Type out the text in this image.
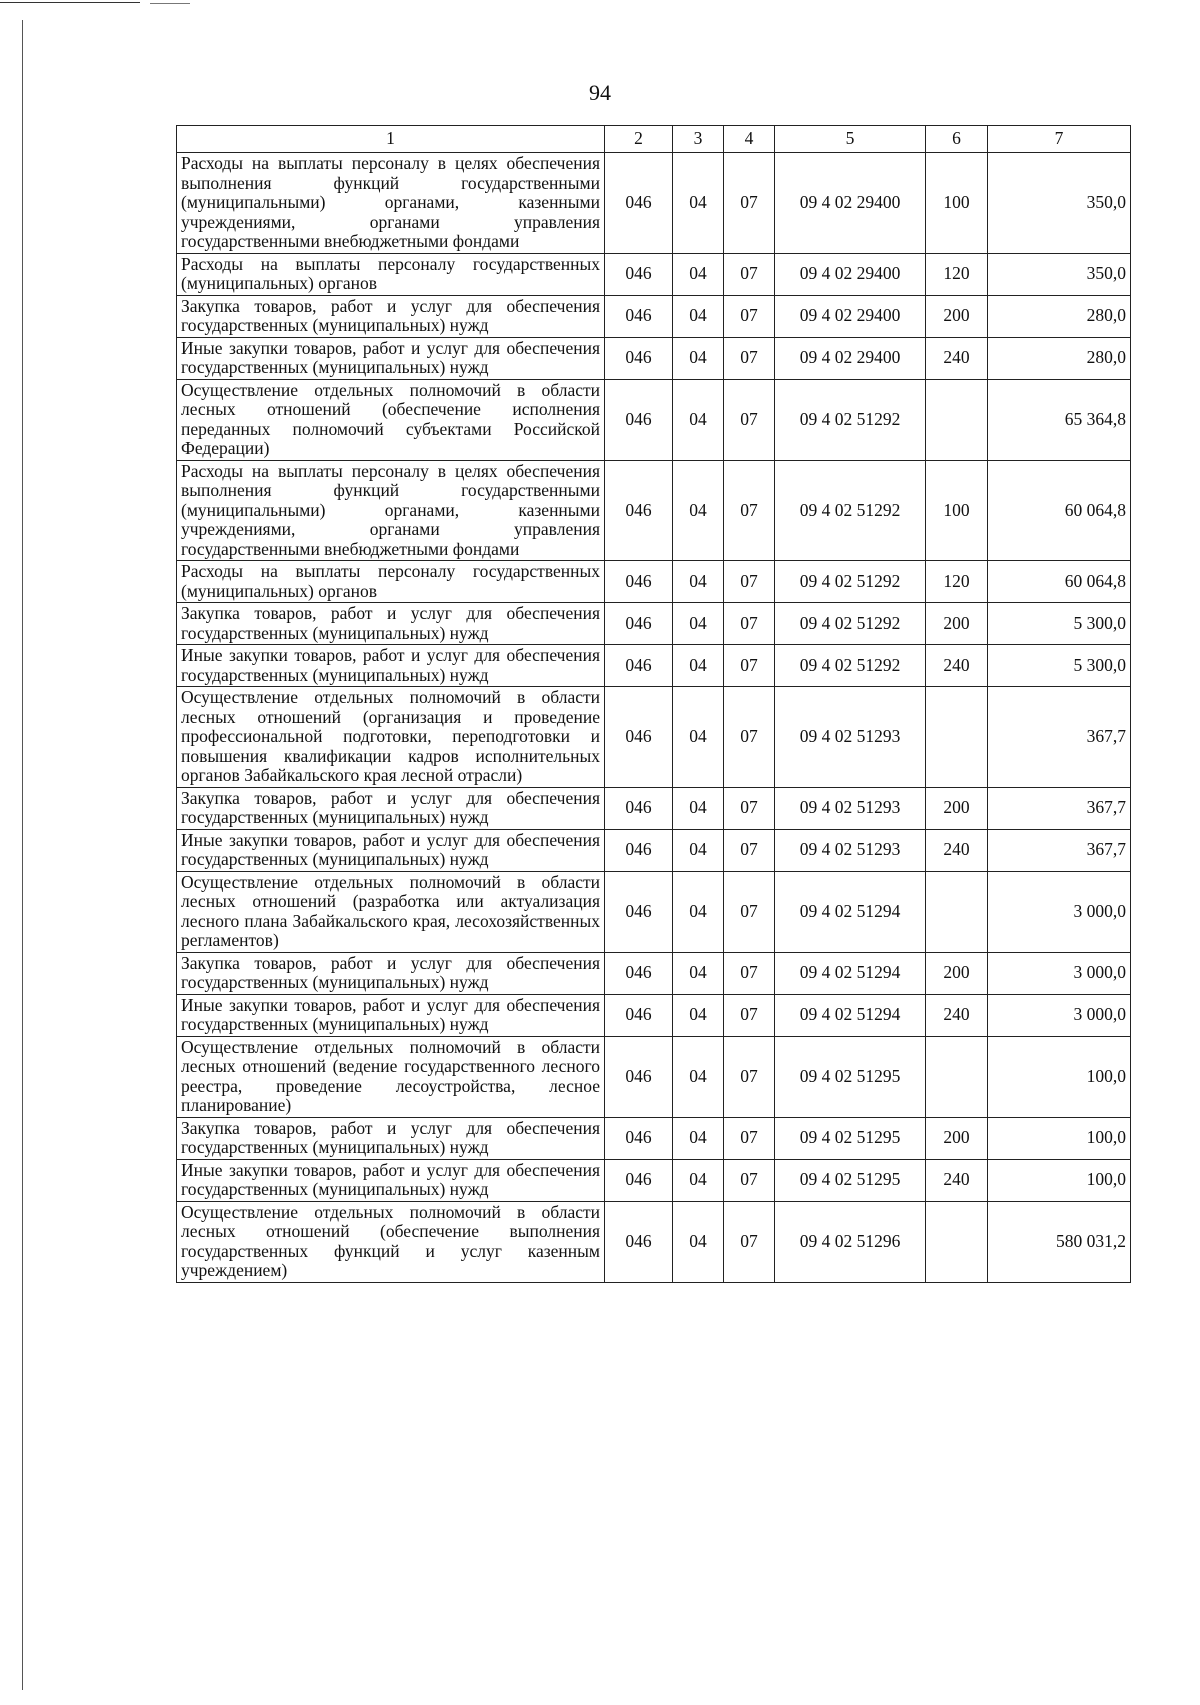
94
1	2	3	4	5	6	7
Расходы на выплаты персоналу в целях обеспечения выполнения функций государственными (муниципальными) органами, казенными учреждениями, органами управления государственными внебюджетными фондами	046	04	07	09 4 02 29400	100	350,0
Расходы на выплаты персоналу государственных (муниципальных) органов	046	04	07	09 4 02 29400	120	350,0
Закупка товаров, работ и услуг для обеспечения государственных (муниципальных) нужд	046	04	07	09 4 02 29400	200	280,0
Иные закупки товаров, работ и услуг для обеспечения государственных (муниципальных) нужд	046	04	07	09 4 02 29400	240	280,0
Осуществление отдельных полномочий в области лесных отношений (обеспечение исполнения переданных полномочий субъектами Российской Федерации)	046	04	07	09 4 02 51292		65 364,8
Расходы на выплаты персоналу в целях обеспечения выполнения функций государственными (муниципальными) органами, казенными учреждениями, органами управления государственными внебюджетными фондами	046	04	07	09 4 02 51292	100	60 064,8
Расходы на выплаты персоналу государственных (муниципальных) органов	046	04	07	09 4 02 51292	120	60 064,8
Закупка товаров, работ и услуг для обеспечения государственных (муниципальных) нужд	046	04	07	09 4 02 51292	200	5 300,0
Иные закупки товаров, работ и услуг для обеспечения государственных (муниципальных) нужд	046	04	07	09 4 02 51292	240	5 300,0
Осуществление отдельных полномочий в области лесных отношений (организация и проведение профессиональной подготовки, переподготовки и повышения квалификации кадров исполнительных органов Забайкальского края лесной отрасли)	046	04	07	09 4 02 51293		367,7
Закупка товаров, работ и услуг для обеспечения государственных (муниципальных) нужд	046	04	07	09 4 02 51293	200	367,7
Иные закупки товаров, работ и услуг для обеспечения государственных (муниципальных) нужд	046	04	07	09 4 02 51293	240	367,7
Осуществление отдельных полномочий в области лесных отношений (разработка или актуализация лесного плана Забайкальского края, лесохозяйственных регламентов)	046	04	07	09 4 02 51294		3 000,0
Закупка товаров, работ и услуг для обеспечения государственных (муниципальных) нужд	046	04	07	09 4 02 51294	200	3 000,0
Иные закупки товаров, работ и услуг для обеспечения государственных (муниципальных) нужд	046	04	07	09 4 02 51294	240	3 000,0
Осуществление отдельных полномочий в области лесных отношений (ведение государственного лесного реестра, проведение лесоустройства, лесное планирование)	046	04	07	09 4 02 51295		100,0
Закупка товаров, работ и услуг для обеспечения государственных (муниципальных) нужд	046	04	07	09 4 02 51295	200	100,0
Иные закупки товаров, работ и услуг для обеспечения государственных (муниципальных) нужд	046	04	07	09 4 02 51295	240	100,0
Осуществление отдельных полномочий в области лесных отношений (обеспечение выполнения государственных функций и услуг казенным учреждением)	046	04	07	09 4 02 51296		580 031,2
